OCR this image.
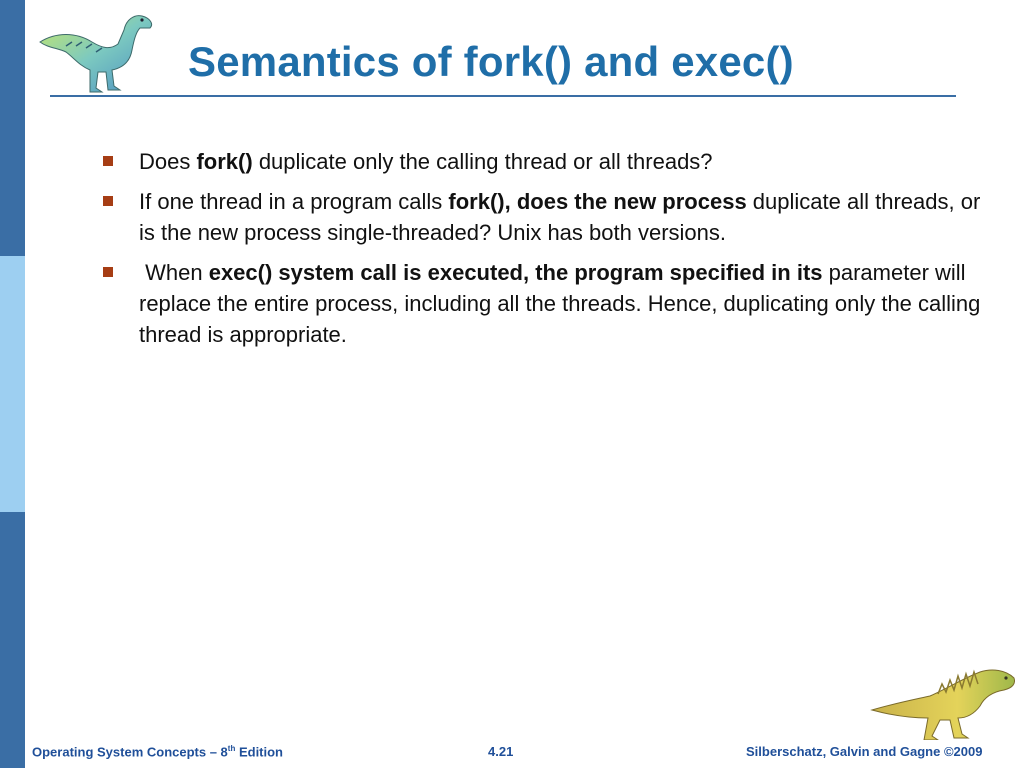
Semantics of fork() and exec()
Does fork() duplicate only the calling thread or all threads?
If one thread in a program calls fork(), does the new process duplicate all threads, or is the new process single-threaded? Unix has both versions.
When exec() system call is executed, the program specified in its parameter will replace the entire process, including all the threads. Hence, duplicating only the calling thread is appropriate.
Operating System Concepts – 8th Edition	4.21	Silberschatz, Galvin and Gagne ©2009
